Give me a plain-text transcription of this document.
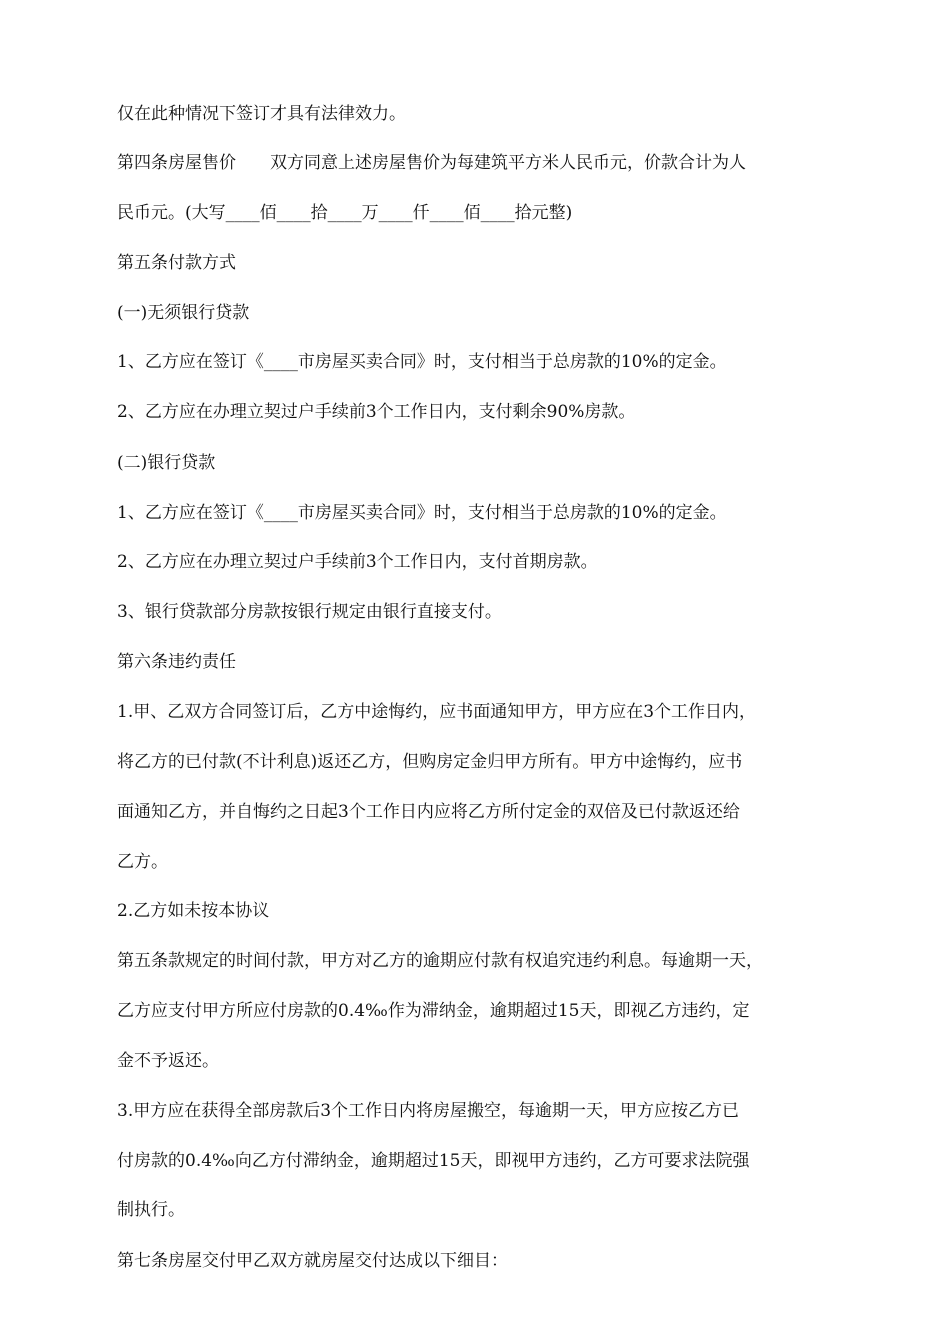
仅在此种情况下签订才具有法律效力。
第四条房屋售价　　双方同意上述房屋售价为每建筑平方米人民币元，价款合计为人
民币元。(大写____佰____拾____万____仟____佰____拾元整)
第五条付款方式
(一)无须银行贷款
1、乙方应在签订《____市房屋买卖合同》时，支付相当于总房款的10%的定金。
2、乙方应在办理立契过户手续前3个工作日内，支付剩余90%房款。
(二)银行贷款
1、乙方应在签订《____市房屋买卖合同》时，支付相当于总房款的10%的定金。
2、乙方应在办理立契过户手续前3个工作日内，支付首期房款。
3、银行贷款部分房款按银行规定由银行直接支付。
第六条违约责任
1.甲、乙双方合同签订后，乙方中途悔约，应书面通知甲方，甲方应在3个工作日内，
将乙方的已付款(不计利息)返还乙方，但购房定金归甲方所有。甲方中途悔约，应书
面通知乙方，并自悔约之日起3个工作日内应将乙方所付定金的双倍及已付款返还给
乙方。
2.乙方如未按本协议
第五条款规定的时间付款，甲方对乙方的逾期应付款有权追究违约利息。每逾期一天，
乙方应支付甲方所应付房款的0.4‰作为滞纳金，逾期超过15天，即视乙方违约，定
金不予返还。
3.甲方应在获得全部房款后3个工作日内将房屋搬空，每逾期一天，甲方应按乙方已
付房款的0.4‰向乙方付滞纳金，逾期超过15天，即视甲方违约，乙方可要求法院强
制执行。
第七条房屋交付甲乙双方就房屋交付达成以下细目：
